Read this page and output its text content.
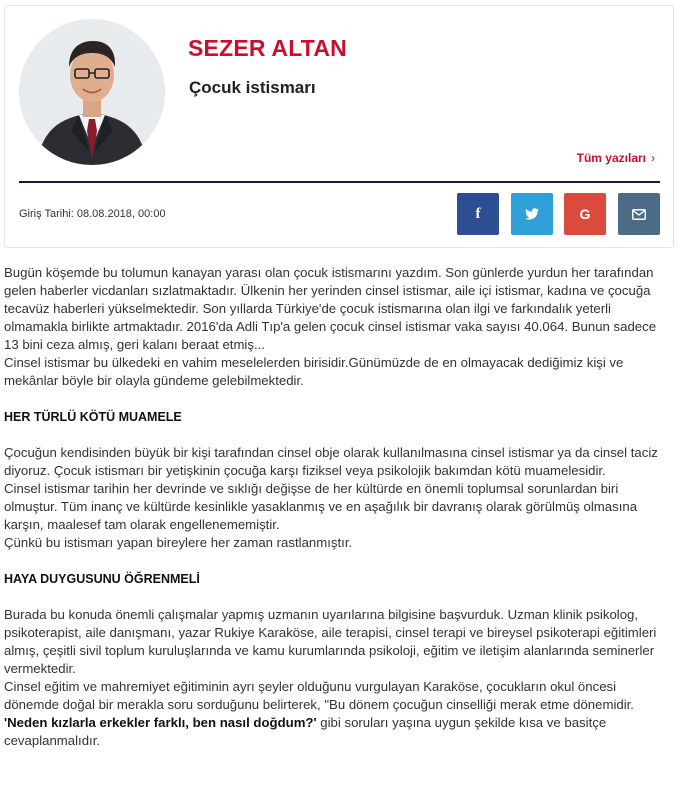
SEZER ALTAN
Çocuk istismarı
Tüm yazıları ›
Giriş Tarihi: 08.08.2018, 00:00	f	G

Bugün köşemde bu tolumun kanayan yarası olan çocuk istismarını yazdım. Son günlerde yurdun her tarafından gelen haberler vicdanları sızlatmaktadır. Ülkenin her yerinden cinsel istismar, aile içi istismar, kadına ve çocuğa tecavüz haberleri yükselmektedir. Son yıllarda Türkiye'de çocuk istismarına olan ilgi ve farkındalık yeterli olmamakla birlikte artmaktadır. 2016'da Adli Tıp'a gelen çocuk cinsel istismar vaka sayısı 40.064. Bunun sadece 13 bini ceza almış, geri kalanı beraat etmiş...

Cinsel istismar bu ülkedeki en vahim meselelerden birisidir.Günümüzde de en olmayacak dediğimiz kişi ve mekânlar böyle bir olayla gündeme gelebilmektedir.

HER TÜRLÜ KÖTÜ MUAMELE

Çocuğun kendisinden büyük bir kişi tarafından cinsel obje olarak kullanılmasına cinsel istismar ya da cinsel taciz diyoruz. Çocuk istismarı bir yetişkinin çocuğa karşı fiziksel veya psikolojik bakımdan kötü muamelesidir.

Cinsel istismar tarihin her devrinde ve sıklığı değişse de her kültürde en önemli toplumsal sorunlardan biri olmuştur. Tüm inanç ve kültürde kesinlikle yasaklanmış ve en aşağılık bir davranış olarak görülmüş olmasına karşın, maalesef tam olarak engellenememiştir.

Çünkü bu istismarı yapan bireylere her zaman rastlanmıştır.

HAYA DUYGUSUNU ÖĞRENMELİ

Burada bu konuda önemli çalışmalar yapmış uzmanın uyarılarına bilgisine başvurduk. Uzman klinik psikolog, psikoterapist, aile danışmanı, yazar Rukiye Karaköse, aile terapisi, cinsel terapi ve bireysel psikoterapi eğitimleri almış, çeşitli sivil toplum kuruluşlarında ve kamu kurumlarında psikoloji, eğitim ve iletişim alanlarında seminerler vermektedir.

Cinsel eğitim ve mahremiyet eğitiminin ayrı şeyler olduğunu vurgulayan Karaköse, çocukların okul öncesi dönemde doğal bir merakla soru sorduğunu belirterek, "Bu dönem çocuğun cinselliği merak etme dönemidir. 'Neden kızlarla erkekler farklı, ben nasıl doğdum?' gibi soruları yaşına uygun şekilde kısa ve basitçe cevaplanmalıdır.
